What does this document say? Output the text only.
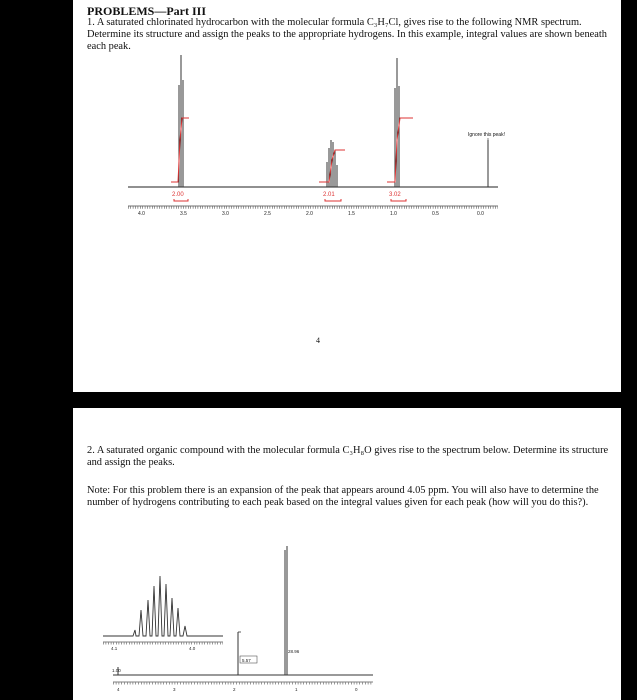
PROBLEMS—Part III
1. A saturated chlorinated hydrocarbon with the molecular formula C₃H₇Cl, gives rise to the following NMR spectrum. Determine its structure and assign the peaks to the appropriate hydrogens. In this example, integral values are shown beneath each peak.
Ignore this peak!
2.00	2.01	3.02
4.0	3.5	3.0	2.5	2.0	1.5	1.0	0.5	0.0
4
2. A saturated organic compound with the molecular formula C₃H₈O gives rise to the spectrum below. Determine its structure and assign the peaks.
Note: For this problem there is an expansion of the peak that appears around 4.05 ppm. You will also have to determine the number of hydrogens contributing to each peak based on the integral values given for each peak (how will you do this?).
4.1	4.0
1.00
5.57
28.96
4	3	2	1	0
